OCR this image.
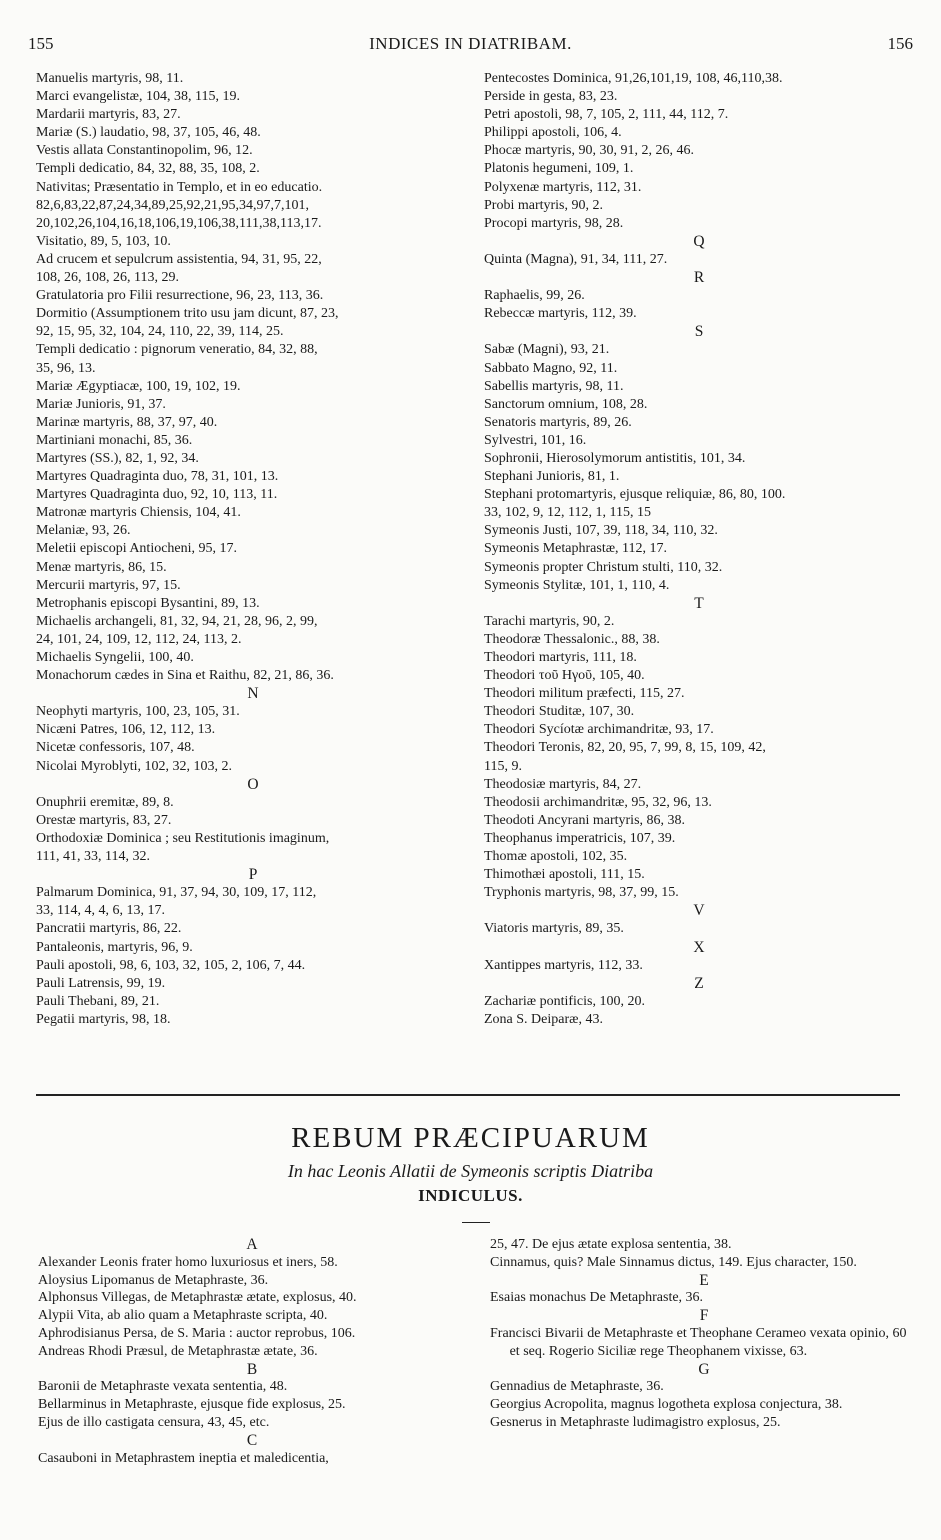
155	INDICES IN DIATRIBAM.	156
Manuelis martyris, 98, 11.
Marci evangelistæ, 104, 38, 115, 19.
Mardarii martyris, 83, 27.
Mariæ (S.) laudatio, 98, 37, 105, 46, 48.
Vestis allata Constantinopolim, 96, 12.
Templi dedicatio, 84, 32, 88, 35, 108, 2.
Nativitas; Præsentatio in Templo, et in eo educatio.
82,6,83,22,87,24,34,89,25,92,21,95,34,97,7,101,
20,102,26,104,16,18,106,19,106,38,111,38,113,17.
Visitatio, 89, 5, 103, 10.
Ad crucem et sepulcrum assistentia, 94, 31, 95, 22,
108, 26, 108, 26, 113, 29.
Gratulatoria pro Filii resurrectione, 96, 23, 113, 36.
Dormitio (Assumptionem trito usu jam dicunt, 87, 23,
92, 15, 95, 32, 104, 24, 110, 22, 39, 114, 25.
Templi dedicatio : pignorum veneratio, 84, 32, 88,
35, 96, 13.
Mariæ Ægyptiacæ, 100, 19, 102, 19.
Mariæ Junioris, 91, 37.
Marinæ martyris, 88, 37, 97, 40.
Martiniani monachi, 85, 36.
Martyres (SS.), 82, 1, 92, 34.
Martyres Quadraginta duo, 78, 31, 101, 13.
Martyres Quadraginta duo, 92, 10, 113, 11.
Matronæ martyris Chiensis, 104, 41.
Melaniæ, 93, 26.
Meletii episcopi Antiocheni, 95, 17.
Menæ martyris, 86, 15.
Mercurii martyris, 97, 15.
Metrophanis episcopi Bysantini, 89, 13.
Michaelis archangeli, 81, 32, 94, 21, 28, 96, 2, 99,
24, 101, 24, 109, 12, 112, 24, 113, 2.
Michaelis Syngelii, 100, 40.
Monachorum cædes in Sina et Raithu, 82, 21, 86, 36.
N
Neophyti martyris, 100, 23, 105, 31.
Nicæni Patres, 106, 12, 112, 13.
Nicetæ confessoris, 107, 48.
Nicolai Myroblyti, 102, 32, 103, 2.
O
Onuphrii eremitæ, 89, 8.
Orestæ martyris, 83, 27.
Orthodoxiæ Dominica ; seu Restitutionis imaginum,
111, 41, 33, 114, 32.
P
Palmarum Dominica, 91, 37, 94, 30, 109, 17, 112,
33, 114, 4, 4, 6, 13, 17.
Pancratii martyris, 86, 22.
Pantaleonis, martyris, 96, 9.
Pauli apostoli, 98, 6, 103, 32, 105, 2, 106, 7, 44.
Pauli Latrensis, 99, 19.
Pauli Thebani, 89, 21.
Pegatii martyris, 98, 18.
Pentecostes Dominica, 91,26,101,19, 108, 46,110,38.
Perside in gesta, 83, 23.
Petri apostoli, 98, 7, 105, 2, 111, 44, 112, 7.
Philippi apostoli, 106, 4.
Phocæ martyris, 90, 30, 91, 2, 26, 46.
Platonis hegumeni, 109, 1.
Polyxenæ martyris, 112, 31.
Probi martyris, 90, 2.
Procopi martyris, 98, 28.
Q
Quinta (Magna), 91, 34, 111, 27.
R
Raphaelis, 99, 26.
Rebeccæ martyris, 112, 39.
S
Sabæ (Magni), 93, 21.
Sabbato Magno, 92, 11.
Sabellis martyris, 98, 11.
Sanctorum omnium, 108, 28.
Senatoris martyris, 89, 26.
Sylvestri, 101, 16.
Sophronii, Hierosolymorum antistitis, 101, 34.
Stephani Junioris, 81, 1.
Stephani protomartyris, ejusque reliquiæ, 86, 80, 100.
33, 102, 9, 12, 112, 1, 115, 15
Symeonis Justi, 107, 39, 118, 34, 110, 32.
Symeonis Metaphrastæ, 112, 17.
Symeonis propter Christum stulti, 110, 32.
Symeonis Stylitæ, 101, 1, 110, 4.
T
Tarachi martyris, 90, 2.
Theodoræ Thessalonic., 88, 38.
Theodori martyris, 111, 18.
Theodori τοῦ Ηγοῦ, 105, 40.
Theodori militum præfecti, 115, 27.
Theodori Studitæ, 107, 30.
Theodori Sycíotæ archimandritæ, 93, 17.
Theodori Teronis, 82, 20, 95, 7, 99, 8, 15, 109, 42,
115, 9.
Theodosiæ martyris, 84, 27.
Theodosii archimandritæ, 95, 32, 96, 13.
Theodoti Ancyrani martyris, 86, 38.
Theophanus imperatricis, 107, 39.
Thomæ apostoli, 102, 35.
Thimothæi apostoli, 111, 15.
Tryphonis martyris, 98, 37, 99, 15.
V
Viatoris martyris, 89, 35.
X
Xantippes martyris, 112, 33.
Z
Zachariæ pontificis, 100, 20.
Zona S. Deiparæ, 43.
REBUM PRÆCIPUARUM
In hac Leonis Allatii de Symeonis scriptis Diatriba
INDICULUS.
A
Alexander Leonis frater homo luxuriosus et iners, 58.
Aloysius Lipomanus de Metaphraste, 36.
Alphonsus Villegas, de Metaphrastæ ætate, explosus, 40.
Alypii Vita, ab alio quam a Metaphraste scripta, 40.
Aphrodisianus Persa, de S. Maria : auctor reprobus, 106.
Andreas Rhodi Præsul, de Metaphrastæ ætate, 36.
B
Baronii de Metaphraste vexata sententia, 48.
Bellarminus in Metaphraste, ejusque fide explosus, 25.
Ejus de illo castigata censura, 43, 45, etc.
C
Casauboni in Metaphrastem ineptia et maledicentia,
25, 47. De ejus ætate explosa sententia, 38.
Cinnamus, quis? Male Sinnamus dictus, 149. Ejus character, 150.
E
Esaias monachus De Metaphraste, 36.
F
Francisci Bivarii de Metaphraste et Theophane Cerameo vexata opinio, 60 et seq. Rogerio Siciliæ rege Theophanem vixisse, 63.
G
Gennadius de Metaphraste, 36.
Georgius Acropolita, magnus logotheta explosa conjectura, 38.
Gesnerus in Metaphraste ludimagistro explosus, 25.
